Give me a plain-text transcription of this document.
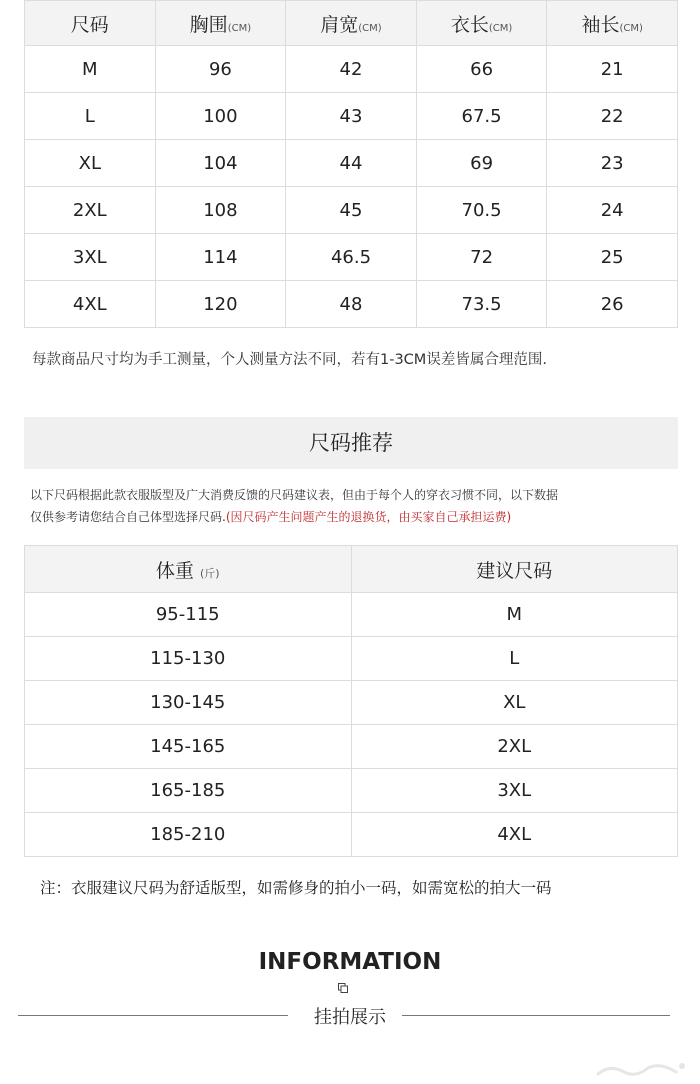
尺码	胸围(CM)	肩宽(CM)	衣长(CM)	袖长(CM)
M	96	42	66	21
L	100	43	67.5	22
XL	104	44	69	23
2XL	108	45	70.5	24
3XL	114	46.5	72	25
4XL	120	48	73.5	26
每款商品尺寸均为手工测量，个人测量方法不同，若有1-3CM误差皆属合理范围.
尺码推荐
以下尺码根据此款衣服版型及广大消费反馈的尺码建议表，但由于每个人的穿衣习惯不同，以下数据
仅供参考请您结合自己体型选择尺码.(因尺码产生问题产生的退换货，由买家自己承担运费)
体重 (斤)	建议尺码
95-115	M
115-130	L
130-145	XL
145-165	2XL
165-185	3XL
185-210	4XL
注：衣服建议尺码为舒适版型，如需修身的拍小一码，如需宽松的拍大一码
INFORMATION
挂拍展示
